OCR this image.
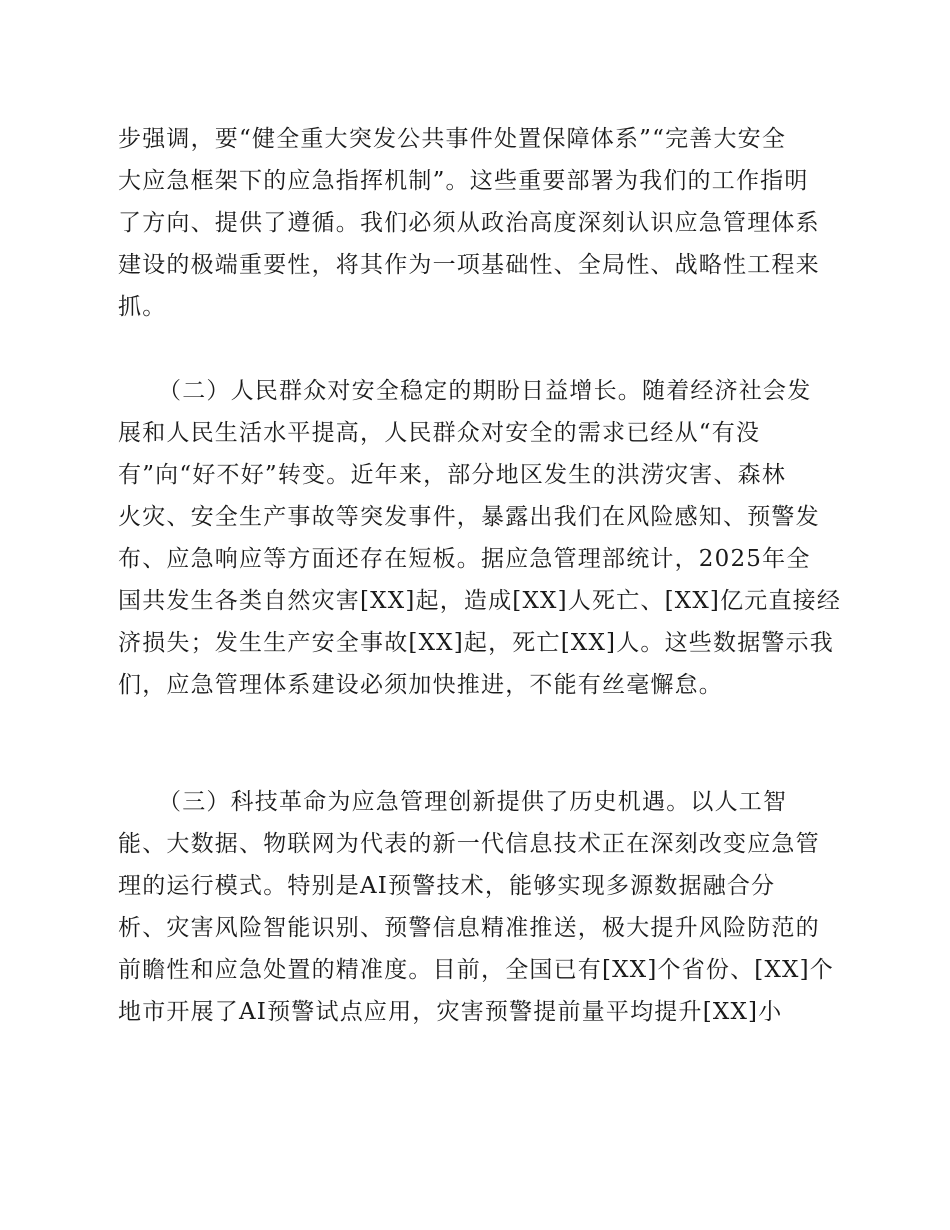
步强调，要“健全重大突发公共事件处置保障体系”“完善大安全
大应急框架下的应急指挥机制”。这些重要部署为我们的工作指明
了方向、提供了遵循。我们必须从政治高度深刻认识应急管理体系
建设的极端重要性，将其作为一项基础性、全局性、战略性工程来
抓。
（二）人民群众对安全稳定的期盼日益增长。随着经济社会发
展和人民生活水平提高，人民群众对安全的需求已经从“有没
有”向“好不好”转变。近年来，部分地区发生的洪涝灾害、森林
火灾、安全生产事故等突发事件，暴露出我们在风险感知、预警发
布、应急响应等方面还存在短板。据应急管理部统计，2025年全
国共发生各类自然灾害[XX]起，造成[XX]人死亡、[XX]亿元直接经
济损失；发生生产安全事故[XX]起，死亡[XX]人。这些数据警示我
们，应急管理体系建设必须加快推进，不能有丝毫懈怠。
（三）科技革命为应急管理创新提供了历史机遇。以人工智
能、大数据、物联网为代表的新一代信息技术正在深刻改变应急管
理的运行模式。特别是AI预警技术，能够实现多源数据融合分
析、灾害风险智能识别、预警信息精准推送，极大提升风险防范的
前瞻性和应急处置的精准度。目前，全国已有[XX]个省份、[XX]个
地市开展了AI预警试点应用，灾害预警提前量平均提升[XX]小
